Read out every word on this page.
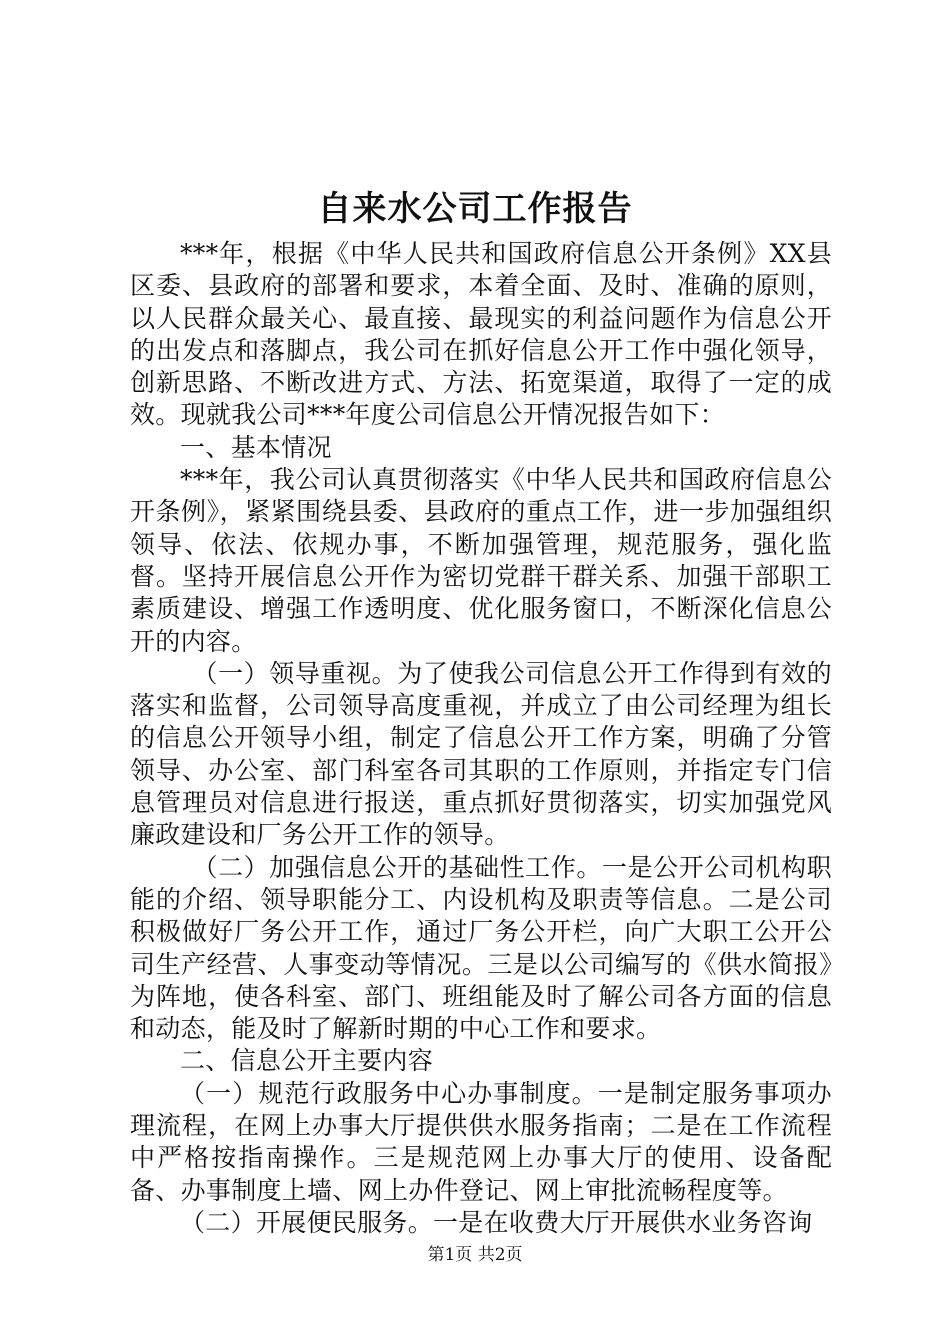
自来水公司工作报告

***年，根据《中华人民共和国政府信息公开条例》XX县区委、县政府的部署和要求，本着全面、及时、准确的原则，以人民群众最关心、最直接、最现实的利益问题作为信息公开的出发点和落脚点，我公司在抓好信息公开工作中强化领导，创新思路、不断改进方式、方法、拓宽渠道，取得了一定的成效。现就我公司***年度公司信息公开情况报告如下：

一、基本情况

***年，我公司认真贯彻落实《中华人民共和国政府信息公开条例》，紧紧围绕县委、县政府的重点工作，进一步加强组织领导、依法、依规办事，不断加强管理，规范服务，强化监督。坚持开展信息公开作为密切党群干群关系、加强干部职工素质建设、增强工作透明度、优化服务窗口，不断深化信息公开的内容。

（一）领导重视。为了使我公司信息公开工作得到有效的落实和监督，公司领导高度重视，并成立了由公司经理为组长的信息公开领导小组，制定了信息公开工作方案，明确了分管领导、办公室、部门科室各司其职的工作原则，并指定专门信息管理员对信息进行报送，重点抓好贯彻落实，切实加强党风廉政建设和厂务公开工作的领导。

（二）加强信息公开的基础性工作。一是公开公司机构职能的介绍、领导职能分工、内设机构及职责等信息。二是公司积极做好厂务公开工作，通过厂务公开栏，向广大职工公开公司生产经营、人事变动等情况。三是以公司编写的《供水简报》为阵地，使各科室、部门、班组能及时了解公司各方面的信息和动态，能及时了解新时期的中心工作和要求。

二、信息公开主要内容

（一）规范行政服务中心办事制度。一是制定服务事项办理流程，在网上办事大厅提供供水服务指南；二是在工作流程中严格按指南操作。三是规范网上办事大厅的使用、设备配备、办事制度上墙、网上办件登记、网上审批流畅程度等。

（二）开展便民服务。一是在收费大厅开展供水业务咨询

第1页 共2页
